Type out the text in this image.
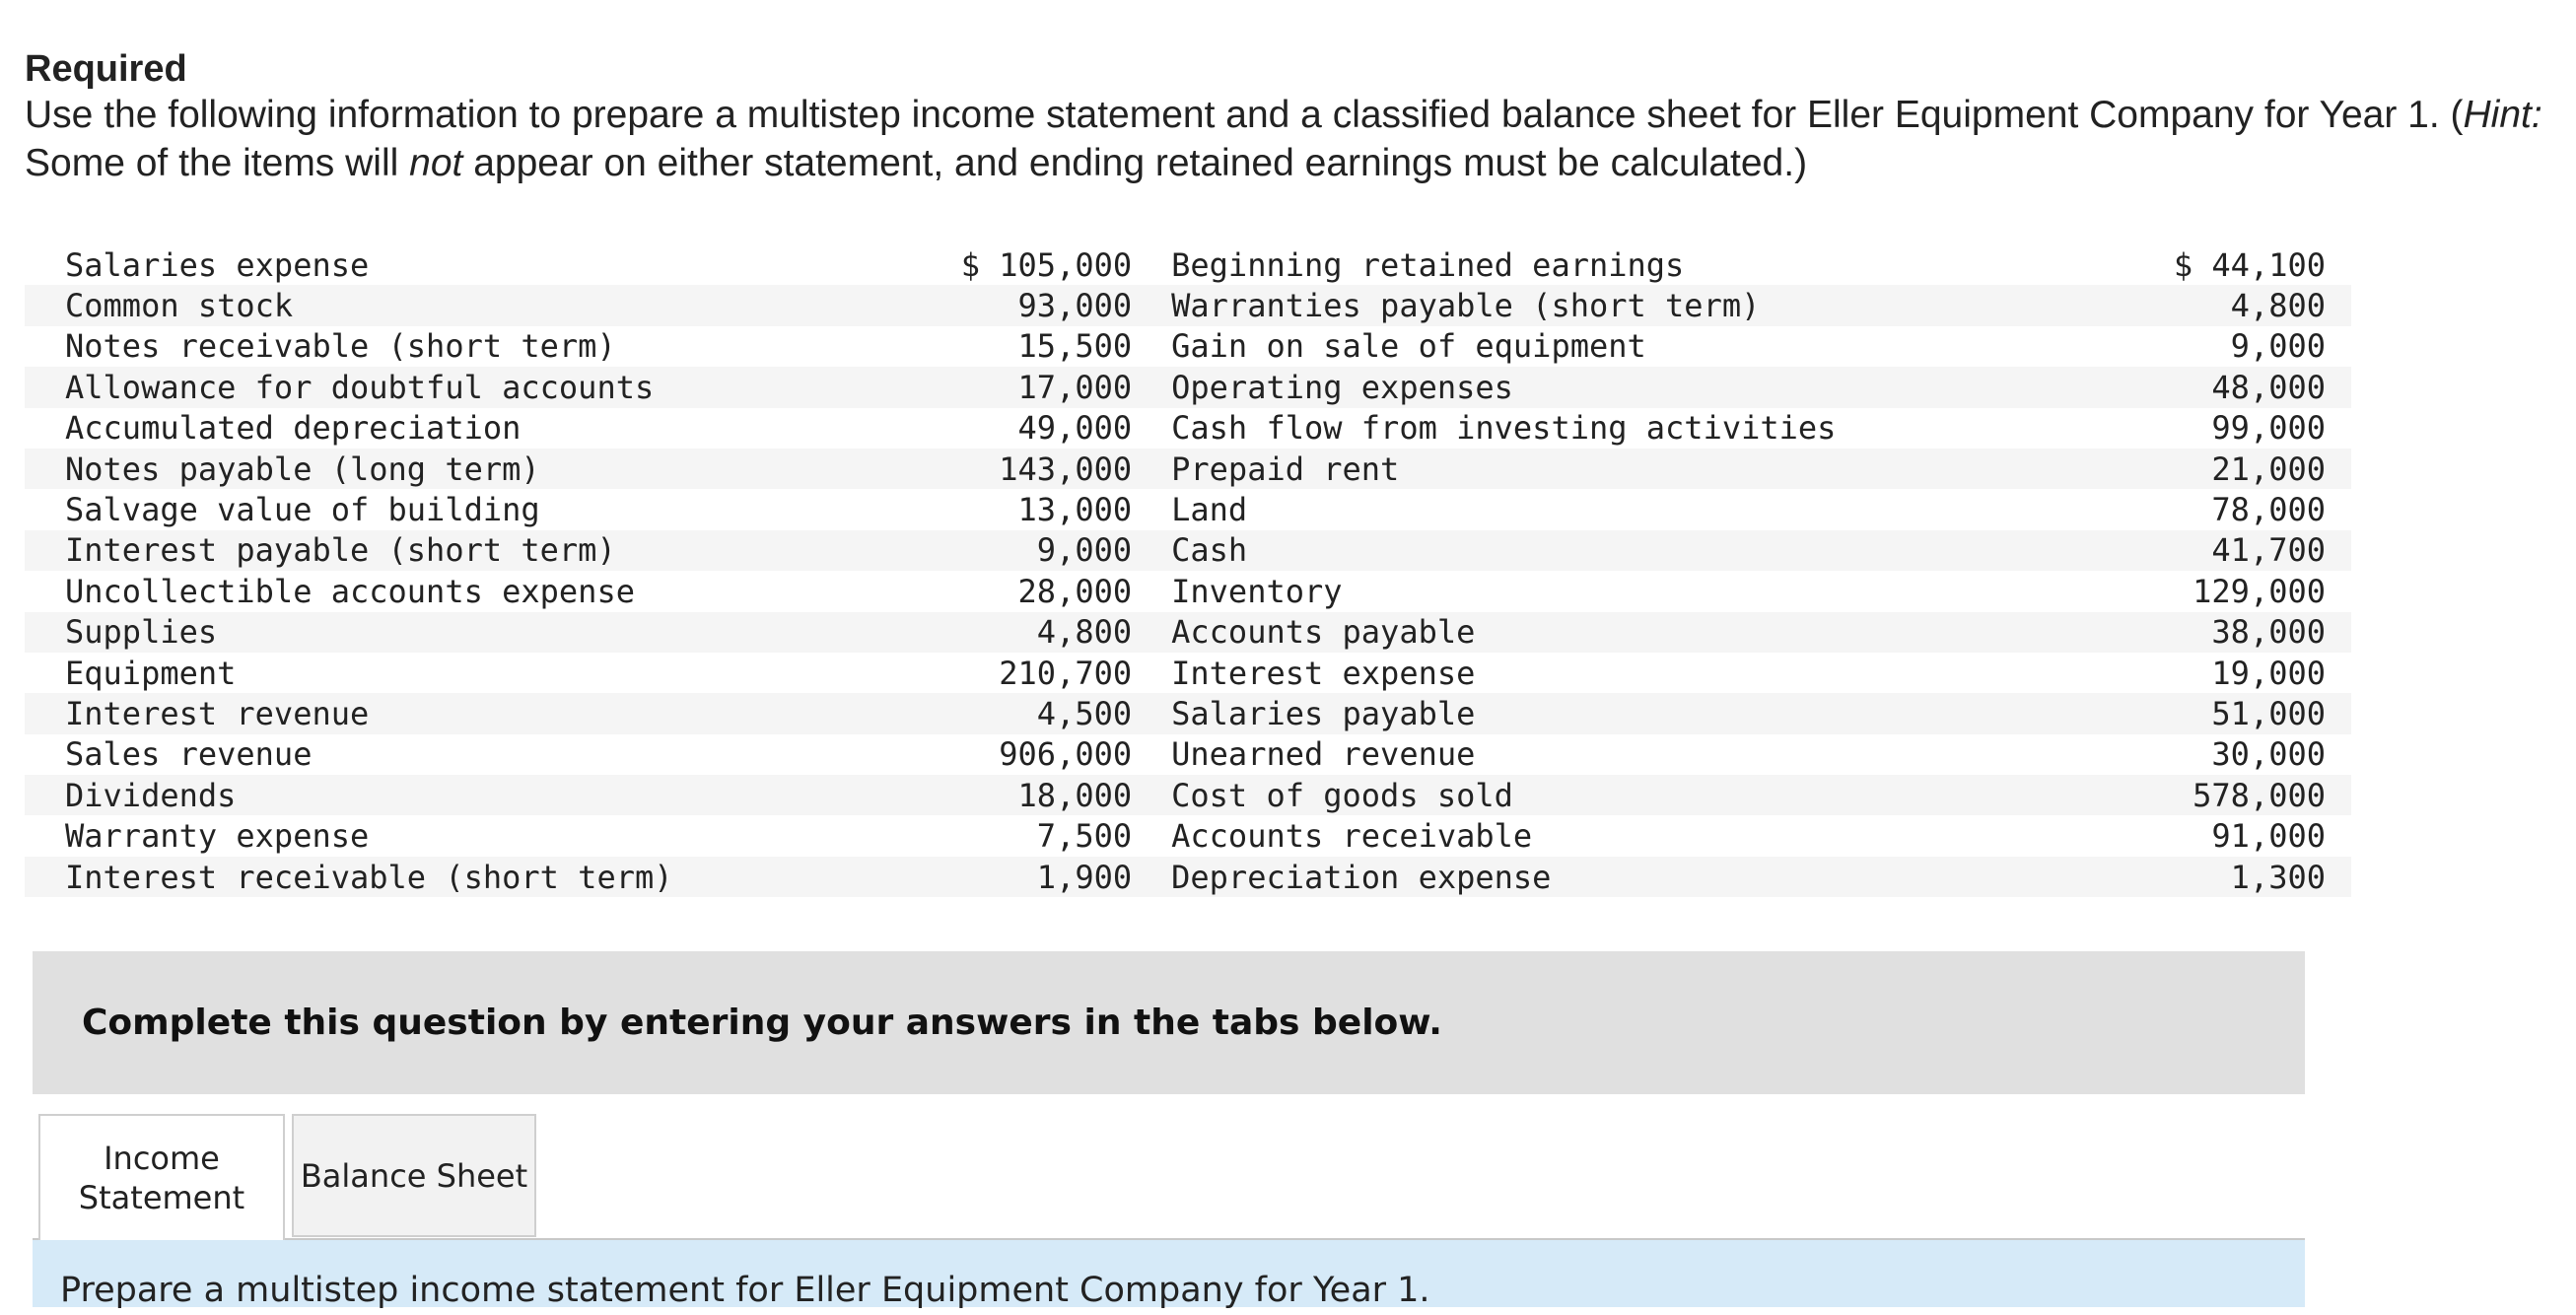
Required
Use the following information to prepare a multistep income statement and a classified balance sheet for Eller Equipment Company for Year 1. (Hint: Some of the items will not appear on either statement, and ending retained earnings must be calculated.)
Salaries expense	$ 105,000	Beginning retained earnings	$ 44,100
Common stock	93,000	Warranties payable (short term)	4,800
Notes receivable (short term)	15,500	Gain on sale of equipment	9,000
Allowance for doubtful accounts	17,000	Operating expenses	48,000
Accumulated depreciation	49,000	Cash flow from investing activities	99,000
Notes payable (long term)	143,000	Prepaid rent	21,000
Salvage value of building	13,000	Land	78,000
Interest payable (short term)	9,000	Cash	41,700
Uncollectible accounts expense	28,000	Inventory	129,000
Supplies	4,800	Accounts payable	38,000
Equipment	210,700	Interest expense	19,000
Interest revenue	4,500	Salaries payable	51,000
Sales revenue	906,000	Unearned revenue	30,000
Dividends	18,000	Cost of goods sold	578,000
Warranty expense	7,500	Accounts receivable	91,000
Interest receivable (short term)	1,900	Depreciation expense	1,300
Complete this question by entering your answers in the tabs below.
Income
Statement
Balance Sheet
Prepare a multistep income statement for Eller Equipment Company for Year 1.
